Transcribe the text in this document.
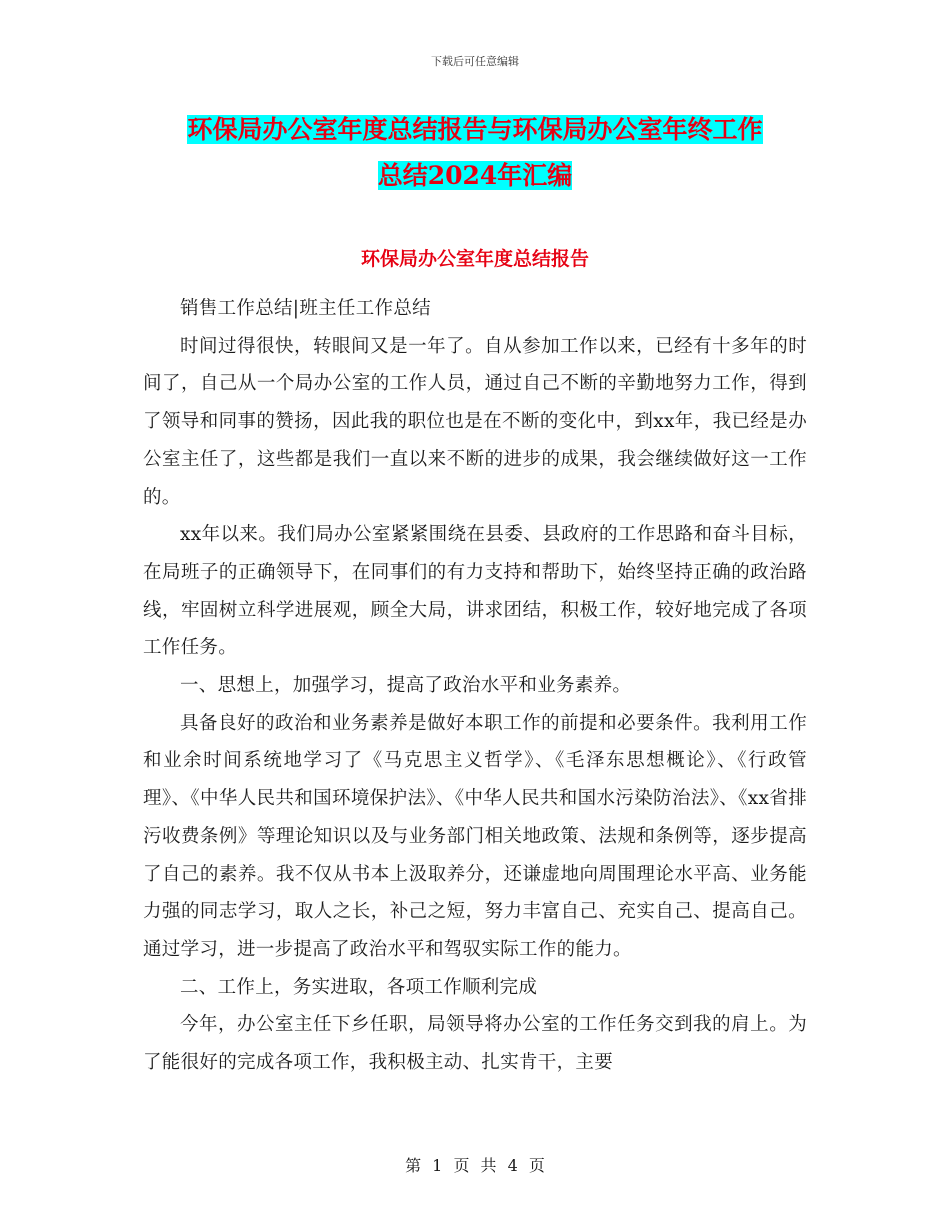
下载后可任意编辑
环保局办公室年度总结报告与环保局办公室年终工作
总结2024年汇编
环保局办公室年度总结报告

销售工作总结|班主任工作总结

时间过得很快，转眼间又是一年了。自从参加工作以来，已经有十多年的时间了，自己从一个局办公室的工作人员，通过自己不断的辛勤地努力工作，得到了领导和同事的赞扬，因此我的职位也是在不断的变化中，到xx年，我已经是办公室主任了，这些都是我们一直以来不断的进步的成果，我会继续做好这一工作的。

xx年以来。我们局办公室紧紧围绕在县委、县政府的工作思路和奋斗目标，在局班子的正确领导下，在同事们的有力支持和帮助下，始终坚持正确的政治路线，牢固树立科学进展观，顾全大局，讲求团结，积极工作，较好地完成了各项工作任务。

一、思想上，加强学习，提高了政治水平和业务素养。

具备良好的政治和业务素养是做好本职工作的前提和必要条件。我利用工作和业余时间系统地学习了《马克思主义哲学》、《毛泽东思想概论》、《行政管理》、《中华人民共和国环境保护法》、《中华人民共和国水污染防治法》、《xx省排污收费条例》等理论知识以及与业务部门相关地政策、法规和条例等，逐步提高了自己的素养。我不仅从书本上汲取养分，还谦虚地向周围理论水平高、业务能力强的同志学习，取人之长，补己之短，努力丰富自己、充实自己、提高自己。通过学习，进一步提高了政治水平和驾驭实际工作的能力。

二、工作上，务实进取，各项工作顺利完成

今年，办公室主任下乡任职，局领导将办公室的工作任务交到我的肩上。为了能很好的完成各项工作，我积极主动、扎实肯干，主要

第 1 页 共 4 页
